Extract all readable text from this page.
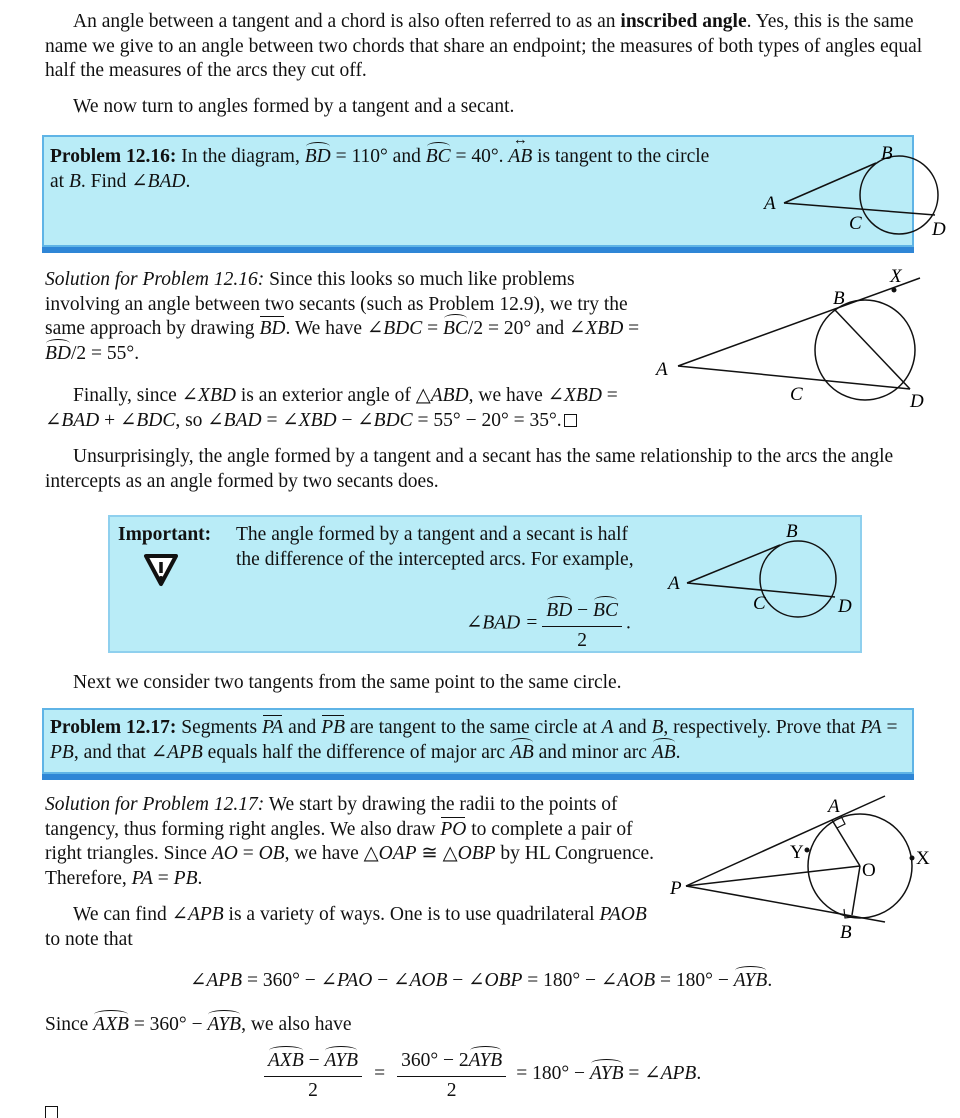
An angle between a tangent and a chord is also often referred to as an inscribed angle. Yes, this is the same name we give to an angle between two chords that share an endpoint; the measures of both types of angles equal half the measures of the arcs they cut off.
We now turn to angles formed by a tangent and a secant.
Problem 12.16: In the diagram, BD = 110° and BC = 40°. ↔ AB is tangent to the circle at B. Find ∠BAD.
B
A
C	D
Solution for Problem 12.16: Since this looks so much like problems involving an angle between two secants (such as Problem 12.9), we try the same approach by drawing BD. We have ∠BDC = BC/2 = 20° and ∠XBD = BD/2 = 55°.
Finally, since ∠XBD is an exterior angle of △ABD, we have ∠XBD = ∠BAD + ∠BDC, so ∠BAD = ∠XBD − ∠BDC = 55° − 20° = 35°.
Unsurprisingly, the angle formed by a tangent and a secant has the same relationship to the arcs the angle intercepts as an angle formed by two secants does.
X
B
A
C	D
Important: The angle formed by a tangent and a secant is half the difference of the intercepted arcs. For example,
∠BAD = $\frac{BD - BC}{2}$ .
B
A
C	D
Next we consider two tangents from the same point to the same circle.
Problem 12.17: Segments PA and PB are tangent to the same circle at A and B, respectively. Prove that PA = PB, and that ∠APB equals half the difference of major arc AB and minor arc AB.
Solution for Problem 12.17: We start by drawing the radii to the points of tangency, thus forming right angles. We also draw PO to complete a pair of right triangles. Since AO = OB, we have △OAP ≅ △OBP by HL Congruence. Therefore, PA = PB.
We can find ∠APB is a variety of ways. One is to use quadrilateral PAOB to note that
∠APB = 360° − ∠PAO − ∠AOB − ∠OBP = 180° − ∠AOB = 180° − AYB.
Since AXB = 360° − AYB, we also have
$\frac{\text{AXB − AYB}}{2} = \frac{\text{360° − 2AYB}}{2} = 180^\circ$ − AYB = ∠APB.
A
B
O
P
X
Y
